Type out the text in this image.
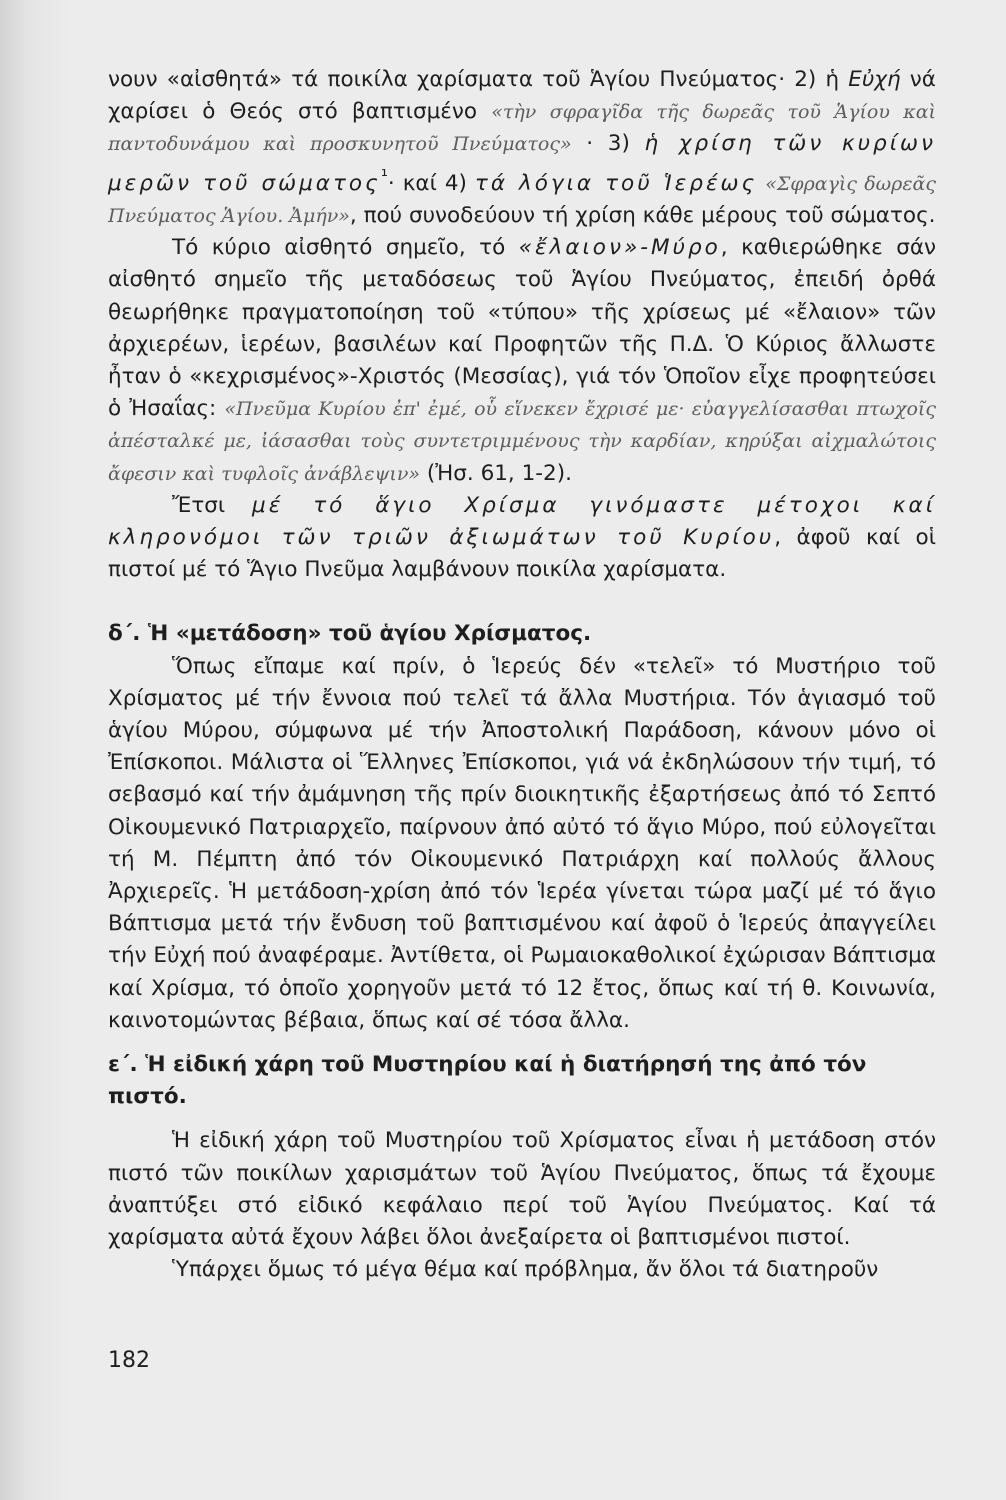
νουν «αἰσθητά» τά ποικίλα χαρίσματα τοῦ Ἁγίου Πνεύματος· 2) ἡ Εὐχή νά χαρίσει ὁ Θεός στό βαπτισμένο «τὴν σφραγῖδα τῆς δωρεᾶς τοῦ Ἁγίου καὶ παντοδυνάμου καὶ προσκυνητοῦ Πνεύματος» · 3) ἡ χρίση τῶν κυρίων μερῶν τοῦ σώματος$^{^1}$· καί 4) τά λόγια τοῦ Ἱερέως «Σφραγὶς δωρεᾶς Πνεύματος Ἁγίου. Ἀμήν», πού συνοδεύουν τή χρίση κάθε μέρους τοῦ σώματος.

Τό κύριο αἰσθητό σημεῖο, τό «ἔλαιον»-Μύρο, καθιερώθηκε σάν αἰσθητό σημεῖο τῆς μεταδόσεως τοῦ Ἁγίου Πνεύματος, ἐπειδή ὀρθά θεωρήθηκε πραγματοποίηση τοῦ «τύπου» τῆς χρίσεως μέ «ἔλαιον» τῶν ἀρχιερέων, ἱερέων, βασιλέων καί Προφητῶν τῆς Π.Δ. Ὁ Κύριος ἄλλωστε ἦταν ὁ «κεχρισμένος»-Χριστός (Μεσσίας), γιά τόν Ὁποῖον εἶχε προφητεύσει ὁ Ἠσαΐας: «Πνεῦμα Κυρίου ἐπ' ἐμέ, οὗ εἵνεκεν ἔχρισέ με· εὐαγγελίσασθαι πτωχοῖς ἀπέσταλκέ με, ἰάσασθαι τοὺς συντετριμμένους τὴν καρδίαν, κηρύξαι αἰχμαλώτοις ἄφεσιν καὶ τυφλοῖς ἀνάβλεψιν» (Ἠσ. 61, 1-2).

Ἔτσι μέ τό ἅγιο Χρίσμα γινόμαστε μέτοχοι καί κληρονόμοι τῶν τριῶν ἀξιωμάτων τοῦ Κυρίου, ἀφοῦ καί οἱ πιστοί μέ τό Ἅγιο Πνεῦμα λαμβάνουν ποικίλα χαρίσματα.

δ΄. Ἡ «μετάδοση» τοῦ ἁγίου Χρίσματος.

Ὅπως εἴπαμε καί πρίν, ὁ Ἱερεύς δέν «τελεῖ» τό Μυστήριο τοῦ Χρίσματος μέ τήν ἔννοια πού τελεῖ τά ἄλλα Μυστήρια. Τόν ἁγιασμό τοῦ ἁγίου Μύρου, σύμφωνα μέ τήν Ἀποστολική Παράδοση, κάνουν μόνο οἱ Ἐπίσκοποι. Μάλιστα οἱ Ἕλληνες Ἐπίσκοποι, γιά νά ἐκδηλώσουν τήν τιμή, τό σεβασμό καί τήν ἀμάμνηση τῆς πρίν διοικητικῆς ἐξαρτήσεως ἀπό τό Σεπτό Οἰκουμενικό Πατριαρχεῖο, παίρνουν ἀπό αὐτό τό ἅγιο Μύρο, πού εὐλογεῖται τή Μ. Πέμπτη ἀπό τόν Οἰκουμενικό Πατριάρχη καί πολλούς ἄλλους Ἀρχιερεῖς. Ἡ μετάδοση-χρίση ἀπό τόν Ἱερέα γίνεται τώρα μαζί μέ τό ἅγιο Βάπτισμα μετά τήν ἔνδυση τοῦ βαπτισμένου καί ἀφοῦ ὁ Ἱερεύς ἀπαγγείλει τήν Εὐχή πού ἀναφέραμε. Ἀντίθετα, οἱ Ρωμαιοκαθολικοί ἐχώρισαν Βάπτισμα καί Χρίσμα, τό ὁποῖο χορηγοῦν μετά τό 12 ἔτος, ὅπως καί τή θ. Κοινωνία, καινοτομώντας βέβαια, ὅπως καί σέ τόσα ἄλλα.

ε΄. Ἡ εἰδική χάρη τοῦ Μυστηρίου καί ἡ διατήρησή της ἀπό τόν πιστό.

Ἡ εἰδική χάρη τοῦ Μυστηρίου τοῦ Χρίσματος εἶναι ἡ μετάδοση στόν πιστό τῶν ποικίλων χαρισμάτων τοῦ Ἁγίου Πνεύματος, ὅπως τά ἔχουμε ἀναπτύξει στό εἰδικό κεφάλαιο περί τοῦ Ἁγίου Πνεύματος. Καί τά χαρίσματα αὐτά ἔχουν λάβει ὅλοι ἀνεξαίρετα οἱ βαπτισμένοι πιστοί.

Ὑπάρχει ὅμως τό μέγα θέμα καί πρόβλημα, ἄν ὅλοι τά διατηροῦν

182
